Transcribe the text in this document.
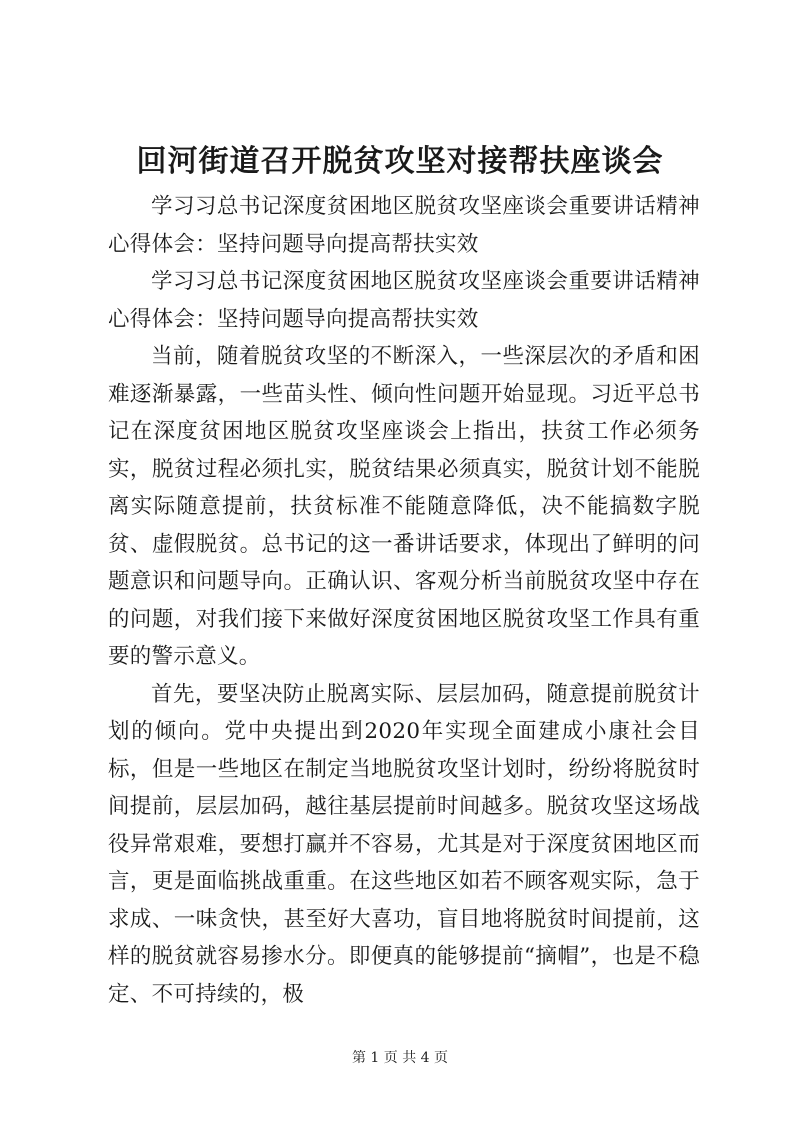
回河街道召开脱贫攻坚对接帮扶座谈会

学习习总书记深度贫困地区脱贫攻坚座谈会重要讲话精神心得体会：坚持问题导向提高帮扶实效

学习习总书记深度贫困地区脱贫攻坚座谈会重要讲话精神心得体会：坚持问题导向提高帮扶实效

当前，随着脱贫攻坚的不断深入，一些深层次的矛盾和困难逐渐暴露，一些苗头性、倾向性问题开始显现。习近平总书记在深度贫困地区脱贫攻坚座谈会上指出，扶贫工作必须务实，脱贫过程必须扎实，脱贫结果必须真实，脱贫计划不能脱离实际随意提前，扶贫标准不能随意降低，决不能搞数字脱贫、虚假脱贫。总书记的这一番讲话要求，体现出了鲜明的问题意识和问题导向。正确认识、客观分析当前脱贫攻坚中存在的问题，对我们接下来做好深度贫困地区脱贫攻坚工作具有重要的警示意义。

首先，要坚决防止脱离实际、层层加码，随意提前脱贫计划的倾向。党中央提出到2020年实现全面建成小康社会目标，但是一些地区在制定当地脱贫攻坚计划时，纷纷将脱贫时间提前，层层加码，越往基层提前时间越多。脱贫攻坚这场战役异常艰难，要想打赢并不容易，尤其是对于深度贫困地区而言，更是面临挑战重重。在这些地区如若不顾客观实际，急于求成、一味贪快，甚至好大喜功，盲目地将脱贫时间提前，这样的脱贫就容易掺水分。即便真的能够提前“摘帽”，也是不稳定、不可持续的，极

第 1 页 共 4 页
